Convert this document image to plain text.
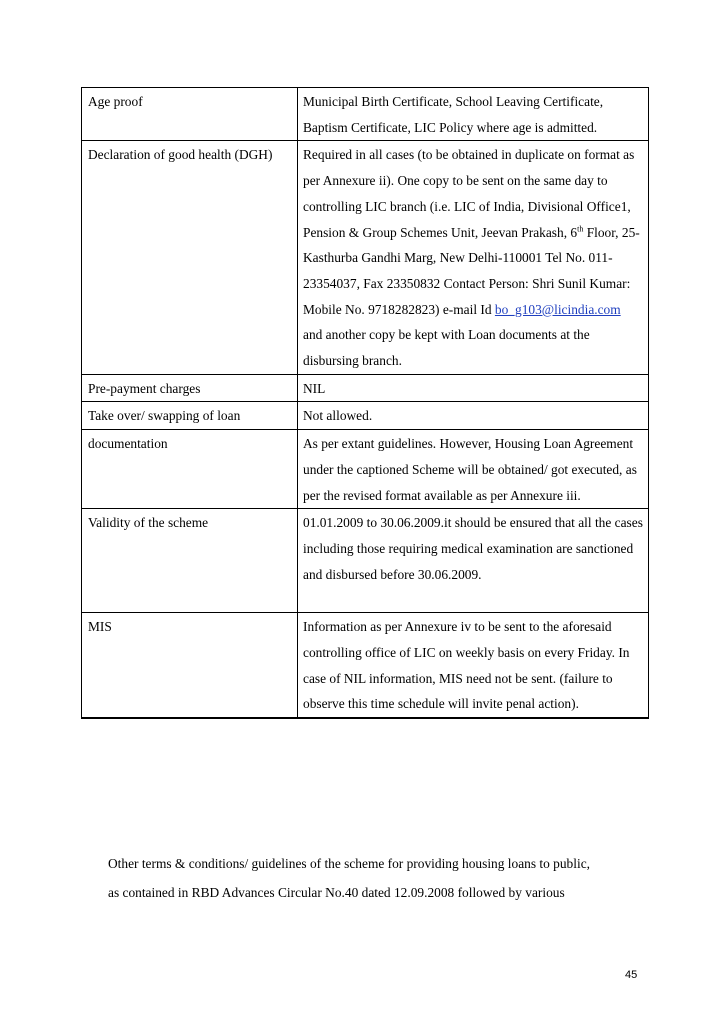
Age proof	Municipal Birth Certificate, School Leaving Certificate, Baptism Certificate, LIC Policy where age is admitted.
Declaration of good health (DGH)	Required in all cases (to be obtained in duplicate on format as per Annexure ii). One copy to be sent on the same day to controlling LIC branch (i.e. LIC of India, Divisional Office1, Pension & Group Schemes Unit, Jeevan Prakash, 6th Floor, 25- Kasthurba Gandhi Marg, New Delhi-110001 Tel No. 011-23354037, Fax 23350832 Contact Person: Shri Sunil Kumar: Mobile No. 9718282823) e-mail Id bo_g103@licindia.com and another copy be kept with Loan documents at the disbursing branch.
Pre-payment charges	NIL
Take over/ swapping of loan	Not allowed.
documentation	As per extant guidelines. However, Housing Loan Agreement under the captioned Scheme will be obtained/ got executed, as per the revised format available as per Annexure iii.
Validity of the scheme	01.01.2009 to 30.06.2009.it should be ensured that all the cases including those requiring medical examination are sanctioned and disbursed before 30.06.2009.

MIS	Information as per Annexure iv to be sent to the aforesaid controlling office of LIC on weekly basis on every Friday. In case of NIL information, MIS need not be sent. (failure to observe this time schedule will invite penal action).
Other terms & conditions/ guidelines of the scheme for providing housing loans to public,
as contained in RBD Advances Circular No.40 dated 12.09.2008 followed by various
45
